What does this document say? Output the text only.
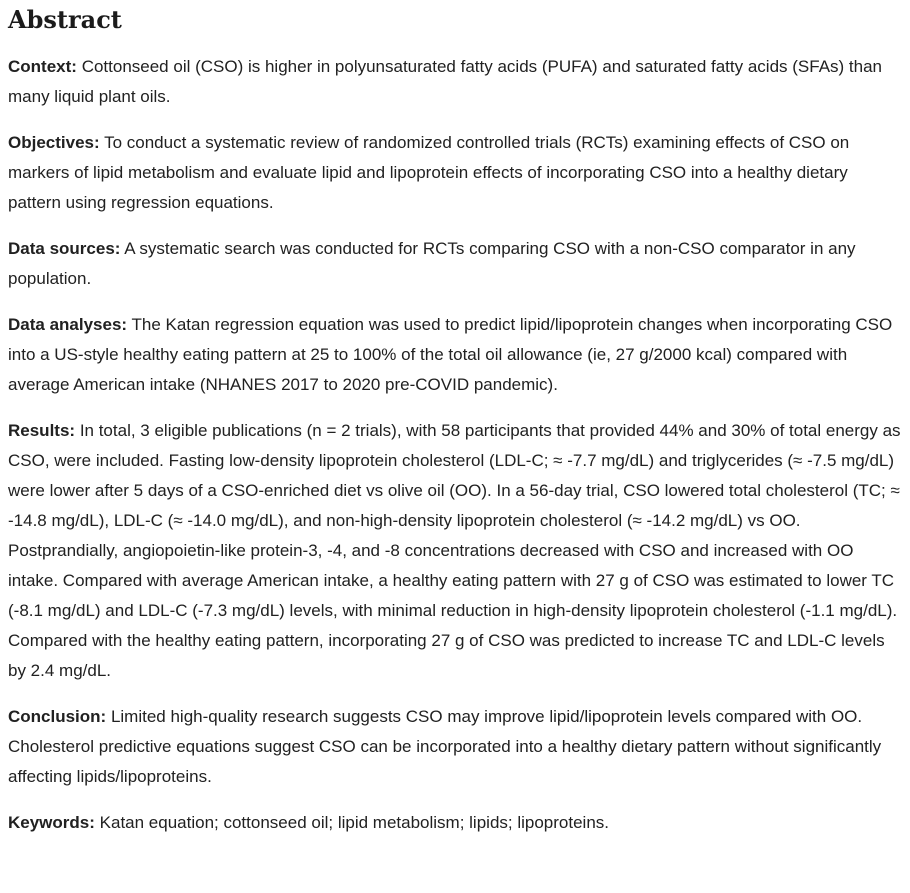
Abstract

Context: Cottonseed oil (CSO) is higher in polyunsaturated fatty acids (PUFA) and saturated fatty acids (SFAs) than many liquid plant oils.

Objectives: To conduct a systematic review of randomized controlled trials (RCTs) examining effects of CSO on markers of lipid metabolism and evaluate lipid and lipoprotein effects of incorporating CSO into a healthy dietary pattern using regression equations.

Data sources: A systematic search was conducted for RCTs comparing CSO with a non-CSO comparator in any population.

Data analyses: The Katan regression equation was used to predict lipid/lipoprotein changes when incorporating CSO into a US-style healthy eating pattern at 25 to 100% of the total oil allowance (ie, 27 g/2000 kcal) compared with average American intake (NHANES 2017 to 2020 pre-COVID pandemic).

Results: In total, 3 eligible publications (n = 2 trials), with 58 participants that provided 44% and 30% of total energy as CSO, were included. Fasting low-density lipoprotein cholesterol (LDL-C; ≈ -7.7 mg/dL) and triglycerides (≈ -7.5 mg/dL) were lower after 5 days of a CSO-enriched diet vs olive oil (OO). In a 56-day trial, CSO lowered total cholesterol (TC; ≈ -14.8 mg/dL), LDL-C (≈ -14.0 mg/dL), and non-high-density lipoprotein cholesterol (≈ -14.2 mg/dL) vs OO. Postprandially, angiopoietin-like protein-3, -4, and -8 concentrations decreased with CSO and increased with OO intake. Compared with average American intake, a healthy eating pattern with 27 g of CSO was estimated to lower TC (-8.1 mg/dL) and LDL-C (-7.3 mg/dL) levels, with minimal reduction in high-density lipoprotein cholesterol (-1.1 mg/dL). Compared with the healthy eating pattern, incorporating 27 g of CSO was predicted to increase TC and LDL-C levels by 2.4 mg/dL.

Conclusion: Limited high-quality research suggests CSO may improve lipid/lipoprotein levels compared with OO. Cholesterol predictive equations suggest CSO can be incorporated into a healthy dietary pattern without significantly affecting lipids/lipoproteins.

Keywords: Katan equation; cottonseed oil; lipid metabolism; lipids; lipoproteins.
